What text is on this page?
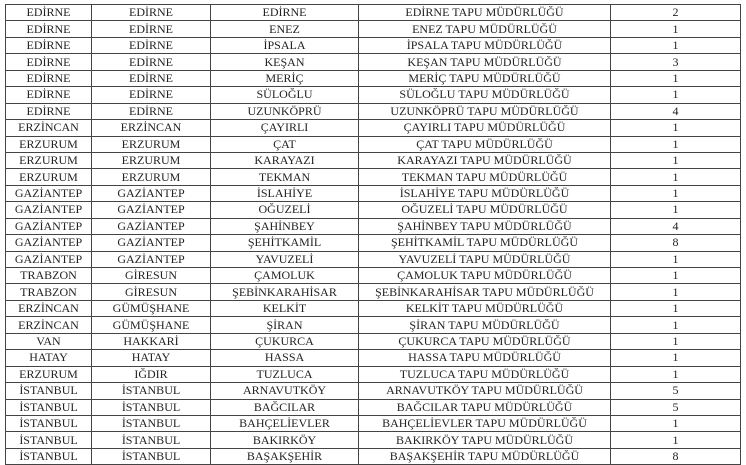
EDİRNE	EDİRNE	EDİRNE	EDİRNE TAPU MÜDÜRLÜĞÜ	2
EDİRNE	EDİRNE	ENEZ	ENEZ TAPU MÜDÜRLÜĞÜ	1
EDİRNE	EDİRNE	İPSALA	İPSALA TAPU MÜDÜRLÜĞÜ	1
EDİRNE	EDİRNE	KEŞAN	KEŞAN TAPU MÜDÜRLÜĞÜ	3
EDİRNE	EDİRNE	MERİÇ	MERİÇ TAPU MÜDÜRLÜĞÜ	1
EDİRNE	EDİRNE	SÜLOĞLU	SÜLOĞLU TAPU MÜDÜRLÜĞÜ	1
EDİRNE	EDİRNE	UZUNKÖPRÜ	UZUNKÖPRÜ TAPU MÜDÜRLÜĞÜ	4
ERZİNCAN	ERZİNCAN	ÇAYIRLI	ÇAYIRLI TAPU MÜDÜRLÜĞÜ	1
ERZURUM	ERZURUM	ÇAT	ÇAT TAPU MÜDÜRLÜĞÜ	1
ERZURUM	ERZURUM	KARAYAZI	KARAYAZI TAPU MÜDÜRLÜĞÜ	1
ERZURUM	ERZURUM	TEKMAN	TEKMAN TAPU MÜDÜRLÜĞÜ	1
GAZİANTEP	GAZİANTEP	İSLAHİYE	İSLAHİYE TAPU MÜDÜRLÜĞÜ	1
GAZİANTEP	GAZİANTEP	OĞUZELİ	OĞUZELİ TAPU MÜDÜRLÜĞÜ	1
GAZİANTEP	GAZİANTEP	ŞAHİNBEY	ŞAHİNBEY TAPU MÜDÜRLÜĞÜ	4
GAZİANTEP	GAZİANTEP	ŞEHİTKAMİL	ŞEHİTKAMİL TAPU MÜDÜRLÜĞÜ	8
GAZİANTEP	GAZİANTEP	YAVUZELİ	YAVUZELİ TAPU MÜDÜRLÜĞÜ	1
TRABZON	GİRESUN	ÇAMOLUK	ÇAMOLUK TAPU MÜDÜRLÜĞÜ	1
TRABZON	GİRESUN	ŞEBİNKARAHİSAR	ŞEBİNKARAHİSAR TAPU MÜDÜRLÜĞÜ	1
ERZİNCAN	GÜMÜŞHANE	KELKİT	KELKİT TAPU MÜDÜRLÜĞÜ	1
ERZİNCAN	GÜMÜŞHANE	ŞİRAN	ŞİRAN TAPU MÜDÜRLÜĞÜ	1
VAN	HAKKARİ	ÇUKURCA	ÇUKURCA TAPU MÜDÜRLÜĞÜ	1
HATAY	HATAY	HASSA	HASSA TAPU MÜDÜRLÜĞÜ	1
ERZURUM	IĞDIR	TUZLUCA	TUZLUCA TAPU MÜDÜRLÜĞÜ	1
İSTANBUL	İSTANBUL	ARNAVUTKÖY	ARNAVUTKÖY TAPU MÜDÜRLÜĞÜ	5
İSTANBUL	İSTANBUL	BAĞCILAR	BAĞCILAR TAPU MÜDÜRLÜĞÜ	5
İSTANBUL	İSTANBUL	BAHÇELİEVLER	BAHÇELİEVLER TAPU MÜDÜRLÜĞÜ	1
İSTANBUL	İSTANBUL	BAKIRKÖY	BAKIRKÖY TAPU MÜDÜRLÜĞÜ	1
İSTANBUL	İSTANBUL	BAŞAKŞEHİR	BAŞAKŞEHİR TAPU MÜDÜRLÜĞÜ	8
